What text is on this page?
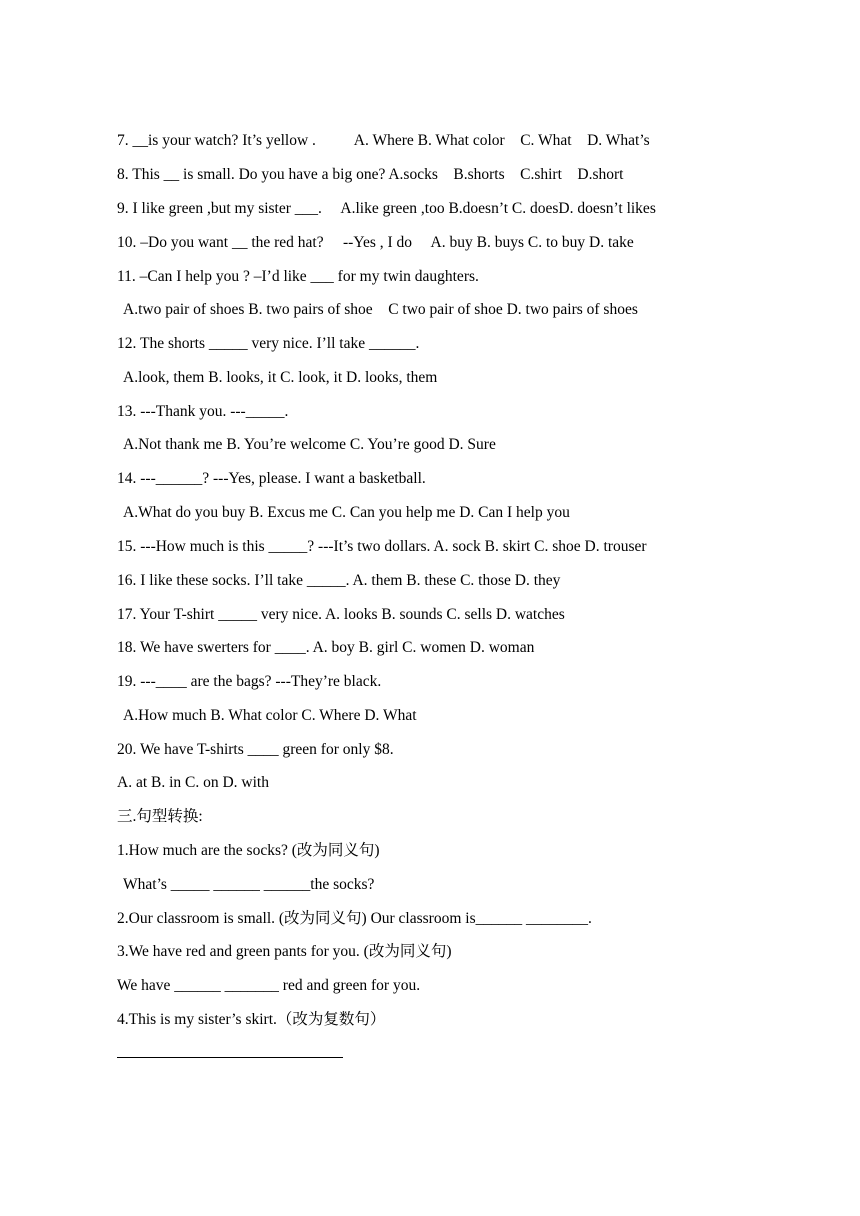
7. __is your watch? It’s yellow .          A. Where B. What color    C. What    D. What’s
8. This __ is small. Do you have a big one? A.socks    B.shorts    C.shirt    D.short
9. I like green ,but my sister ___.     A.like green ,too B.doesn’t C. doesD. doesn’t likes
10. –Do you want __ the red hat?     --Yes , I do     A. buy B. buys C. to buy D. take
11. –Can I help you ? –I’d like ___ for my twin daughters.
A.two pair of shoes B. two pairs of shoe    C two pair of shoe D. two pairs of shoes
12. The shorts _____ very nice. I’ll take ______.
A.look, them B. looks, it C. look, it D. looks, them
13. ---Thank you. ---_____.
A.Not thank me B. You’re welcome C. You’re good D. Sure
14. ---______? ---Yes, please. I want a basketball.
A.What do you buy B. Excus me C. Can you help me D. Can I help you
15. ---How much is this _____? ---It’s two dollars. A. sock B. skirt C. shoe D. trouser
16. I like these socks. I’ll take _____. A. them B. these C. those D. they
17. Your T-shirt _____ very nice. A. looks B. sounds C. sells D. watches
18. We have swerters for ____. A. boy B. girl C. women D. woman
19. ---____ are the bags? ---They’re black.
A.How much B. What color C. Where D. What
20. We have T-shirts ____ green for only $8.
A. at B. in C. on D. with
三.句型转换:
1.How much are the socks? (改为同义句)
What’s _____ ______ ______the socks?
2.Our classroom is small. (改为同义句) Our classroom is______ ________.
3.We have red and green pants for you. (改为同义句)
We have ______ _______ red and green for you.
4.This is my sister’s skirt.（改为复数句）
